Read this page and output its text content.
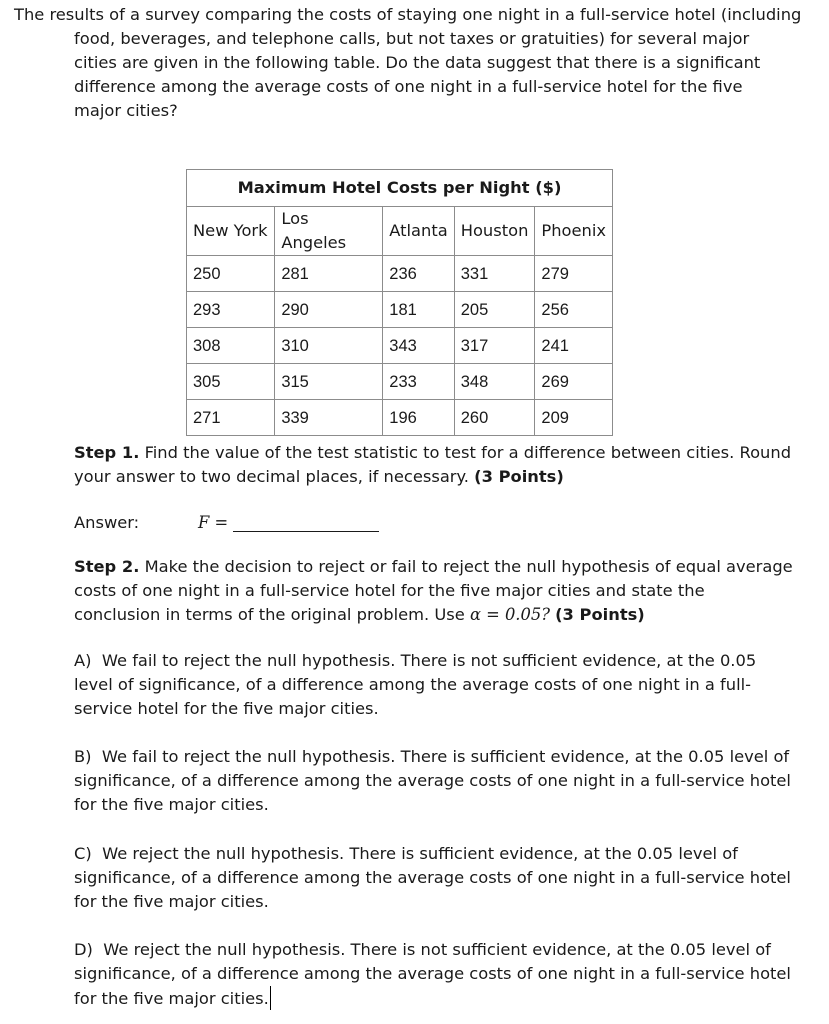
The results of a survey comparing the costs of staying one night in a full-service hotel (including
food, beverages, and telephone calls, but not taxes or gratuities) for several major cities are given in the following table. Do the data suggest that there is a significant difference among the average costs of one night in a full-service hotel for the five major cities?
Maximum Hotel Costs per Night ($)				
New York	Los Angeles	Atlanta	Houston	Phoenix
250	281	236	331	279
293	290	181	205	256
308	310	343	317	241
305	315	233	348	269
271	339	196	260	209
Step 1. Find the value of the test statistic to test for a difference between cities. Round your answer to two decimal places, if necessary. (3 Points)
Answer:	F =
Step 2. Make the decision to reject or fail to reject the null hypothesis of equal average costs of one night in a full-service hotel for the five major cities and state the conclusion in terms of the original problem. Use α = 0.05? (3 Points)
A) We fail to reject the null hypothesis. There is not sufficient evidence, at the 0.05 level of significance, of a difference among the average costs of one night in a full-service hotel for the five major cities.
B) We fail to reject the null hypothesis. There is sufficient evidence, at the 0.05 level of significance, of a difference among the average costs of one night in a full-service hotel for the five major cities.
C) We reject the null hypothesis. There is sufficient evidence, at the 0.05 level of significance, of a difference among the average costs of one night in a full-service hotel for the five major cities.
D) We reject the null hypothesis. There is not sufficient evidence, at the 0.05 level of significance, of a difference among the average costs of one night in a full-service hotel for the five major cities.
